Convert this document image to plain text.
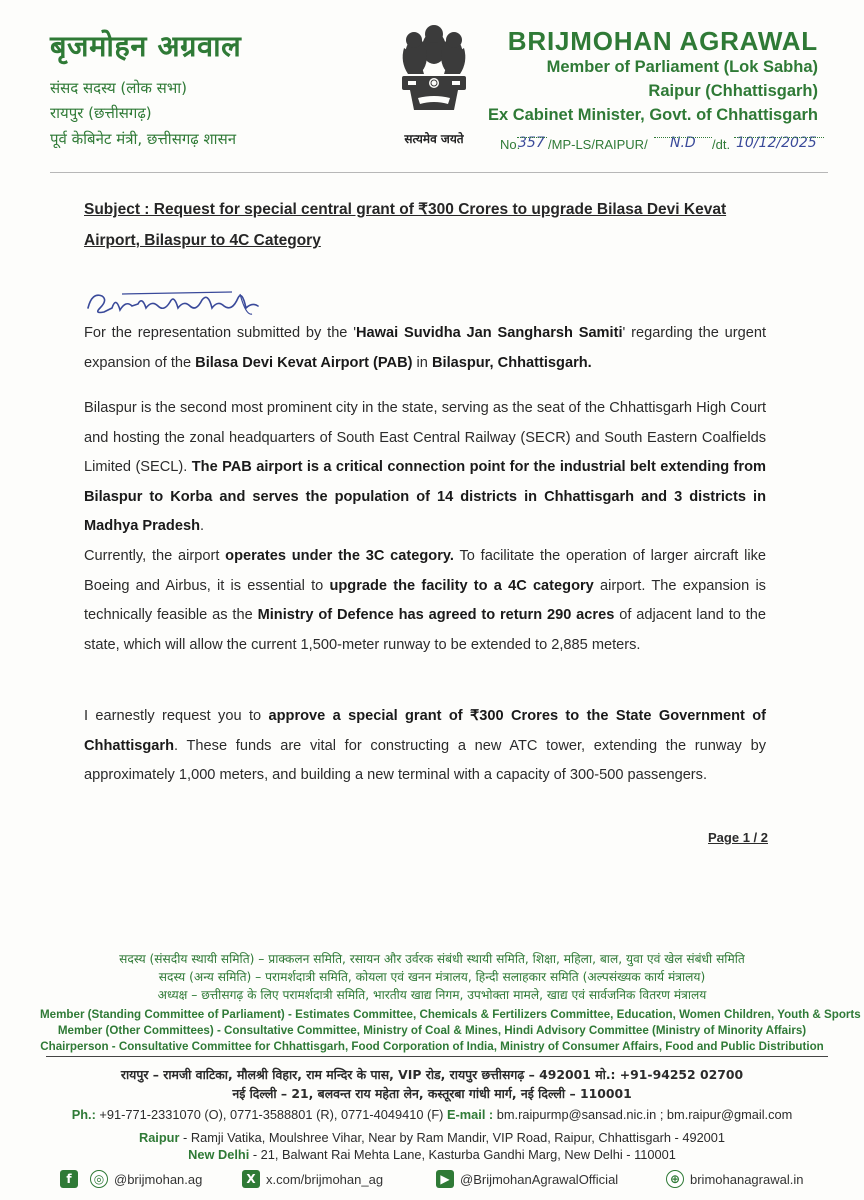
बृजमोहन अग्रवाल
संसद सदस्य (लोक सभा)
रायपुर (छत्तीसगढ़)
पूर्व केबिनेट मंत्री, छत्तीसगढ़ शासन	सत्यमेव जयते
BRIJMOHAN AGRAWAL
Member of Parliament (Lok Sabha)
Raipur (Chhattisgarh)
Ex Cabinet Minister, Govt. of Chhattisgarh
No.
357 /MP-LS/RAIPUR/ N.D /dt. 10/12/2025
Subject : Request for special central grant of ₹300 Crores to upgrade Bilasa Devi Kevat Airport, Bilaspur to 4C Category
For the representation submitted by the 'Hawai Suvidha Jan Sangharsh Samiti' regarding the urgent expansion of the Bilasa Devi Kevat Airport (PAB) in Bilaspur, Chhattisgarh.
Bilaspur is the second most prominent city in the state, serving as the seat of the Chhattisgarh High Court and hosting the zonal headquarters of South East Central Railway (SECR) and South Eastern Coalfields Limited (SECL). The PAB airport is a critical connection point for the industrial belt extending from Bilaspur to Korba and serves the population of 14 districts in Chhattisgarh and 3 districts in Madhya Pradesh.
Currently, the airport operates under the 3C category. To facilitate the operation of larger aircraft like Boeing and Airbus, it is essential to upgrade the facility to a 4C category airport. The expansion is technically feasible as the Ministry of Defence has agreed to return 290 acres of adjacent land to the state, which will allow the current 1,500-meter runway to be extended to 2,885 meters.
I earnestly request you to approve a special grant of ₹300 Crores to the State Government of Chhattisgarh. These funds are vital for constructing a new ATC tower, extending the runway by approximately 1,000 meters, and building a new terminal with a capacity of 300-500 passengers.
Page 1 / 2
सदस्य (संसदीय स्थायी समिति) – प्राक्कलन समिति, रसायन और उर्वरक संबंधी स्थायी समिति, शिक्षा, महिला, बाल, युवा एवं खेल संबंधी समिति
सदस्य (अन्य समिति) – परामर्शदात्री समिति, कोयला एवं खनन मंत्रालय, हिन्दी सलाहकार समिति (अल्पसंख्यक कार्य मंत्रालय)
अध्यक्ष – छत्तीसगढ़ के लिए परामर्शदात्री समिति, भारतीय खाद्य निगम, उपभोक्ता मामले, खाद्य एवं सार्वजनिक वितरण मंत्रालय
Member (Standing Committee of Parliament) - Estimates Committee, Chemicals & Fertilizers Committee, Education, Women Children, Youth & Sports
Member (Other Committees) - Consultative Committee, Ministry of Coal & Mines, Hindi Advisory Committee (Ministry of Minority Affairs)
Chairperson - Consultative Committee for Chhattisgarh, Food Corporation of India, Ministry of Consumer Affairs, Food and Public Distribution
रायपुर – रामजी वाटिका, मौलश्री विहार, राम मन्दिर के पास, VIP रोड, रायपुर छत्तीसगढ़ – 492001 मो.: +91-94252 02700
नई दिल्ली – 21, बलवन्त राय महेता लेन, कस्तूरबा गांधी मार्ग, नई दिल्ली – 110001
Ph.: +91-771-2331070 (O), 0771-3588801 (R), 0771-4049410 (F) E-mail : bm.raipurmp@sansad.nic.in ; bm.raipur@gmail.com
Raipur - Ramji Vatika, Moulshree Vihar, Near by Ram Mandir, VIP Road, Raipur, Chhattisgarh - 492001
New Delhi - 21, Balwant Rai Mehta Lane, Kasturba Gandhi Marg, New Delhi - 110001
f	◎ @brijmohan.ag	X x.com/brijmohan_ag	▶ @BrijmohanAgrawalOfficial	⊕ brimohanagrawal.in
